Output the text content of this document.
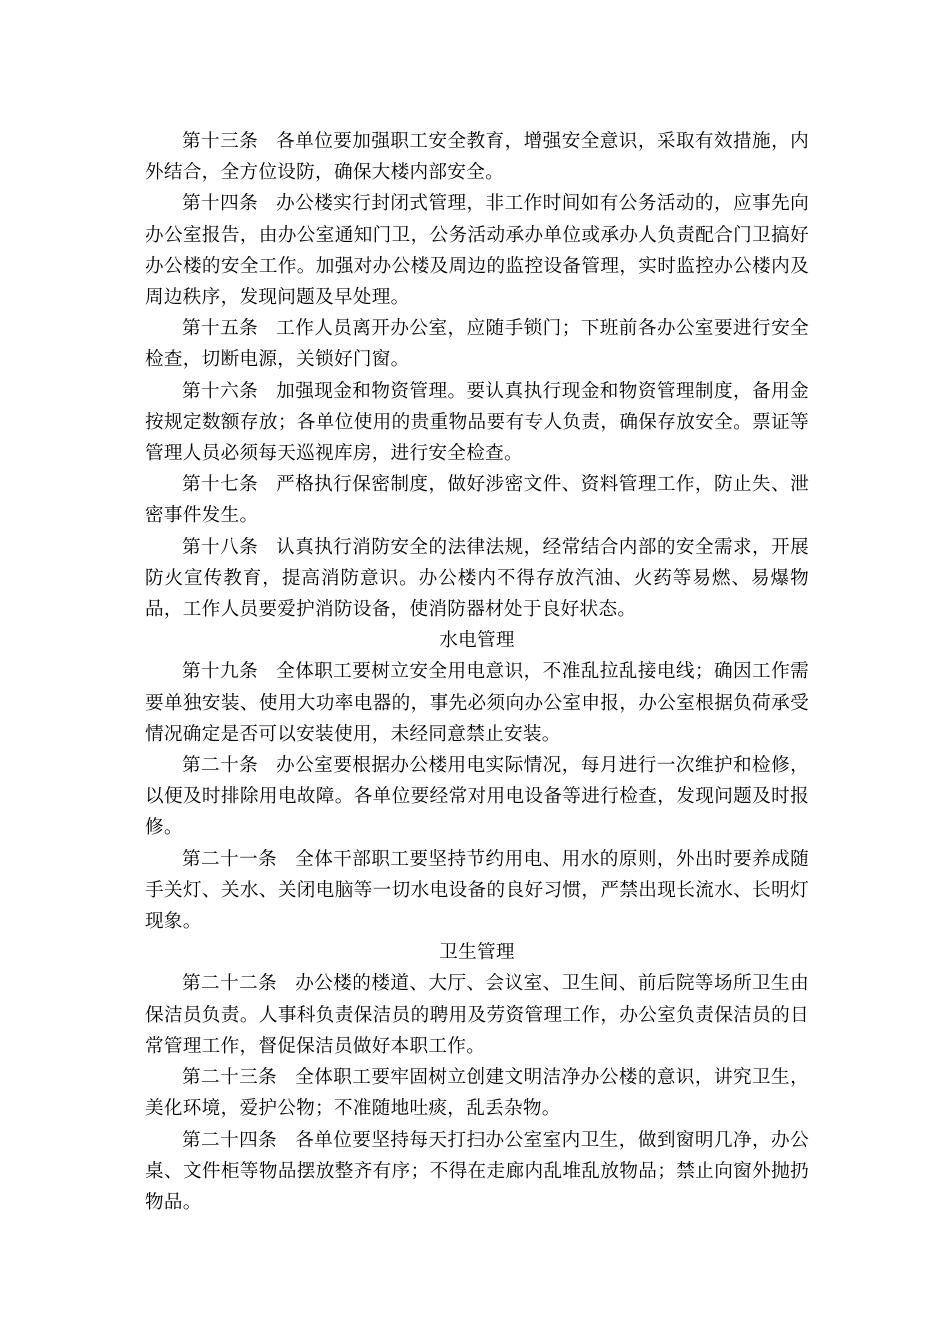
第十三条 各单位要加强职工安全教育，增强安全意识，采取有效措施，内外结合，全方位设防，确保大楼内部安全。

第十四条 办公楼实行封闭式管理，非工作时间如有公务活动的，应事先向办公室报告，由办公室通知门卫，公务活动承办单位或承办人负责配合门卫搞好办公楼的安全工作。加强对办公楼及周边的监控设备管理，实时监控办公楼内及周边秩序，发现问题及早处理。

第十五条 工作人员离开办公室，应随手锁门；下班前各办公室要进行安全检查，切断电源，关锁好门窗。

第十六条 加强现金和物资管理。要认真执行现金和物资管理制度，备用金按规定数额存放；各单位使用的贵重物品要有专人负责，确保存放安全。票证等管理人员必须每天巡视库房，进行安全检查。

第十七条 严格执行保密制度，做好涉密文件、资料管理工作，防止失、泄密事件发生。

第十八条 认真执行消防安全的法律法规，经常结合内部的安全需求，开展防火宣传教育，提高消防意识。办公楼内不得存放汽油、火药等易燃、易爆物品，工作人员要爱护消防设备，使消防器材处于良好状态。

水电管理

第十九条 全体职工要树立安全用电意识，不准乱拉乱接电线；确因工作需要单独安装、使用大功率电器的，事先必须向办公室申报，办公室根据负荷承受情况确定是否可以安装使用，未经同意禁止安装。

第二十条 办公室要根据办公楼用电实际情况，每月进行一次维护和检修，以便及时排除用电故障。各单位要经常对用电设备等进行检查，发现问题及时报修。

第二十一条 全体干部职工要坚持节约用电、用水的原则，外出时要养成随手关灯、关水、关闭电脑等一切水电设备的良好习惯，严禁出现长流水、长明灯现象。

卫生管理

第二十二条 办公楼的楼道、大厅、会议室、卫生间、前后院等场所卫生由保洁员负责。人事科负责保洁员的聘用及劳资管理工作，办公室负责保洁员的日常管理工作，督促保洁员做好本职工作。

第二十三条 全体职工要牢固树立创建文明洁净办公楼的意识，讲究卫生，美化环境，爱护公物；不准随地吐痰，乱丢杂物。

第二十四条 各单位要坚持每天打扫办公室室内卫生，做到窗明几净，办公桌、文件柜等物品摆放整齐有序；不得在走廊内乱堆乱放物品；禁止向窗外抛扔物品。
